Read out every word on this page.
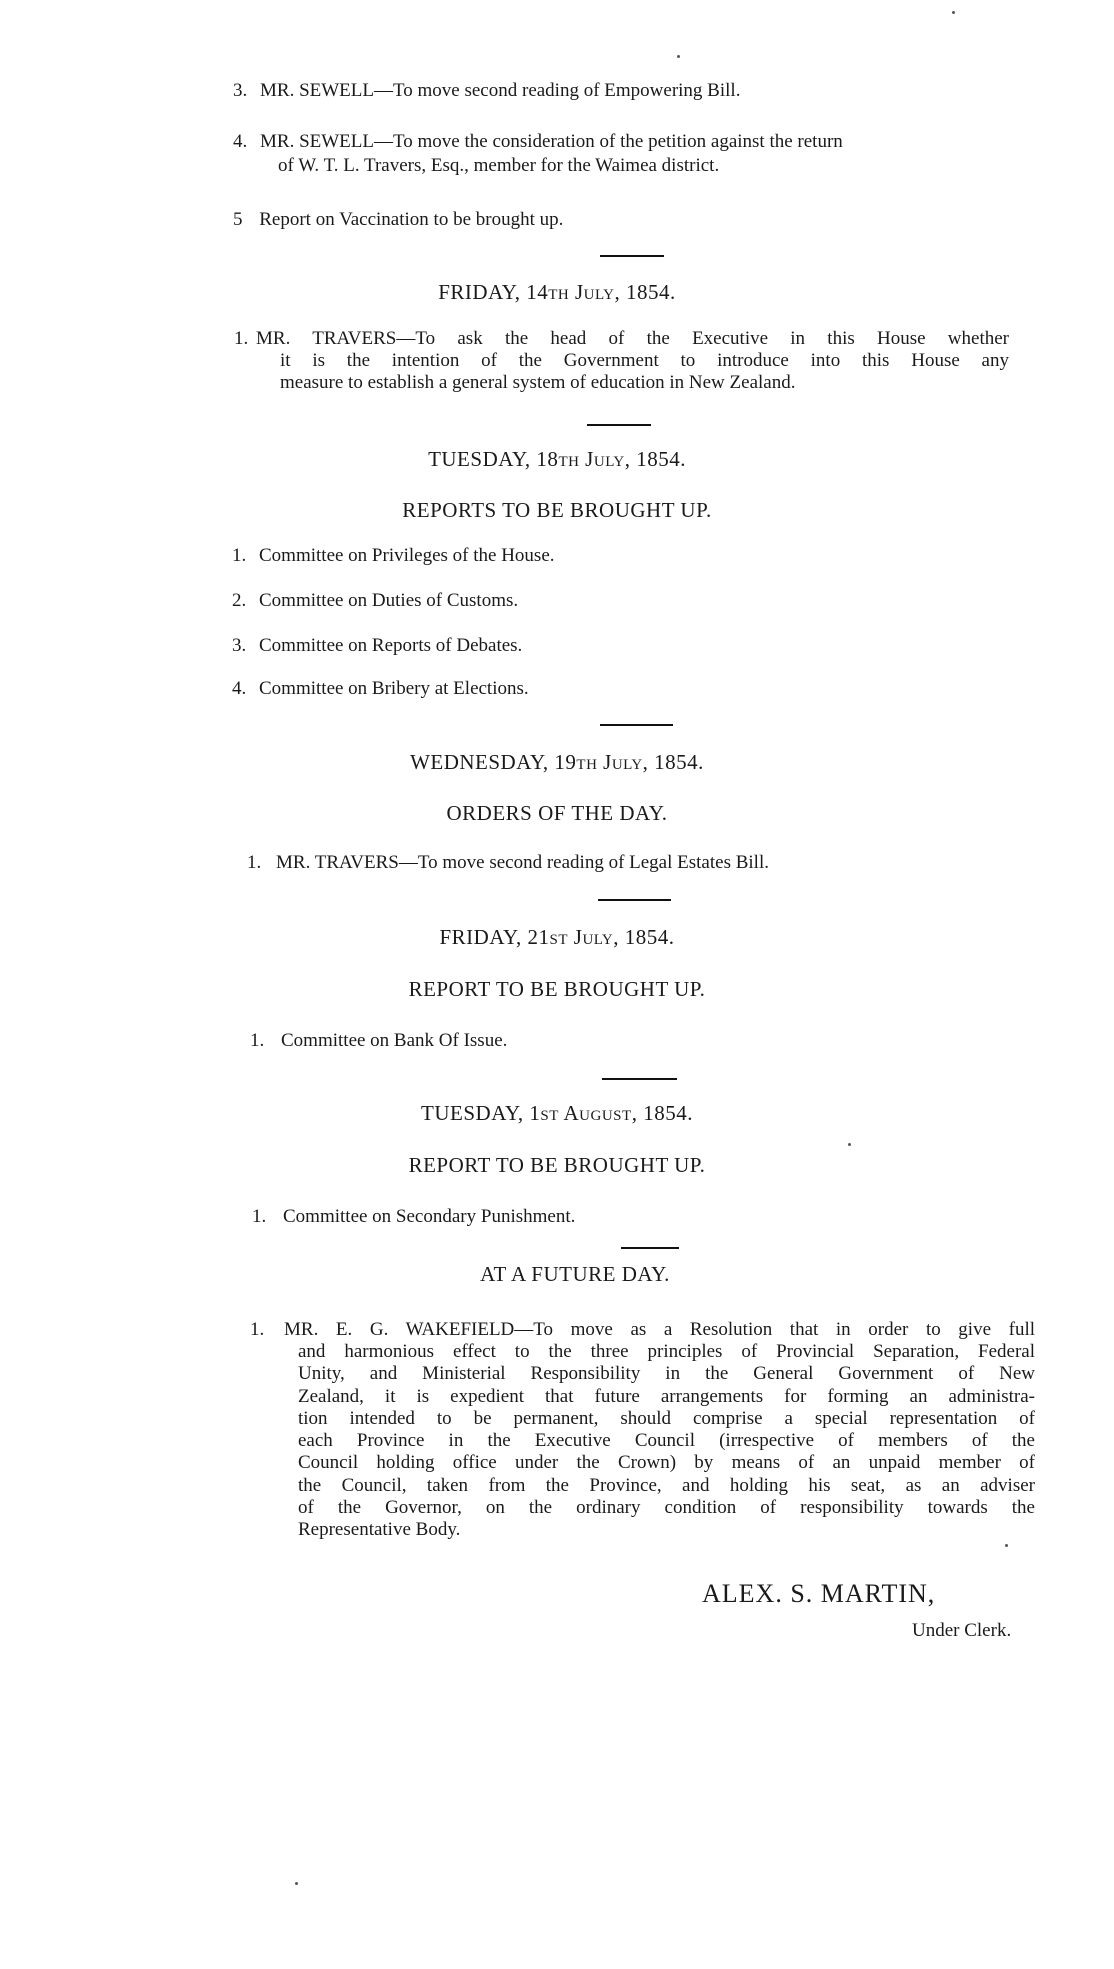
3. MR. SEWELL—To move second reading of Empowering Bill.
4. MR. SEWELL—To move the consideration of the petition against the return
of W. T. L. Travers, Esq., member for the Waimea district.
5 Report on Vaccination to be brought up.
FRIDAY, 14th July, 1854.
1. MR. TRAVERS—To ask the head of the Executive in this House whether
it is the intention of the Government to introduce into this House any
measure to establish a general system of education in New Zealand.
TUESDAY, 18th July, 1854.
REPORTS TO BE BROUGHT UP.
1. Committee on Privileges of the House.
2. Committee on Duties of Customs.
3. Committee on Reports of Debates.
4. Committee on Bribery at Elections.
WEDNESDAY, 19th July, 1854.
ORDERS OF THE DAY.
1. MR. TRAVERS—To move second reading of Legal Estates Bill.
FRIDAY, 21st July, 1854.
REPORT TO BE BROUGHT UP.
1. Committee on Bank Of Issue.
TUESDAY, 1st August, 1854.
REPORT TO BE BROUGHT UP.
1. Committee on Secondary Punishment.
AT A FUTURE DAY.
1. MR. E. G. WAKEFIELD—To move as a Resolution that in order to give full
and harmonious effect to the three principles of Provincial Separation, Federal
Unity, and Ministerial Responsibility in the General Government of New
Zealand, it is expedient that future arrangements for forming an administra-
tion intended to be permanent, should comprise a special representation of
each Province in the Executive Council (irrespective of members of the
Council holding office under the Crown) by means of an unpaid member of
the Council, taken from the Province, and holding his seat, as an adviser
of the Governor, on the ordinary condition of responsibility towards the
Representative Body.
ALEX. S. MARTIN,
Under Clerk.
